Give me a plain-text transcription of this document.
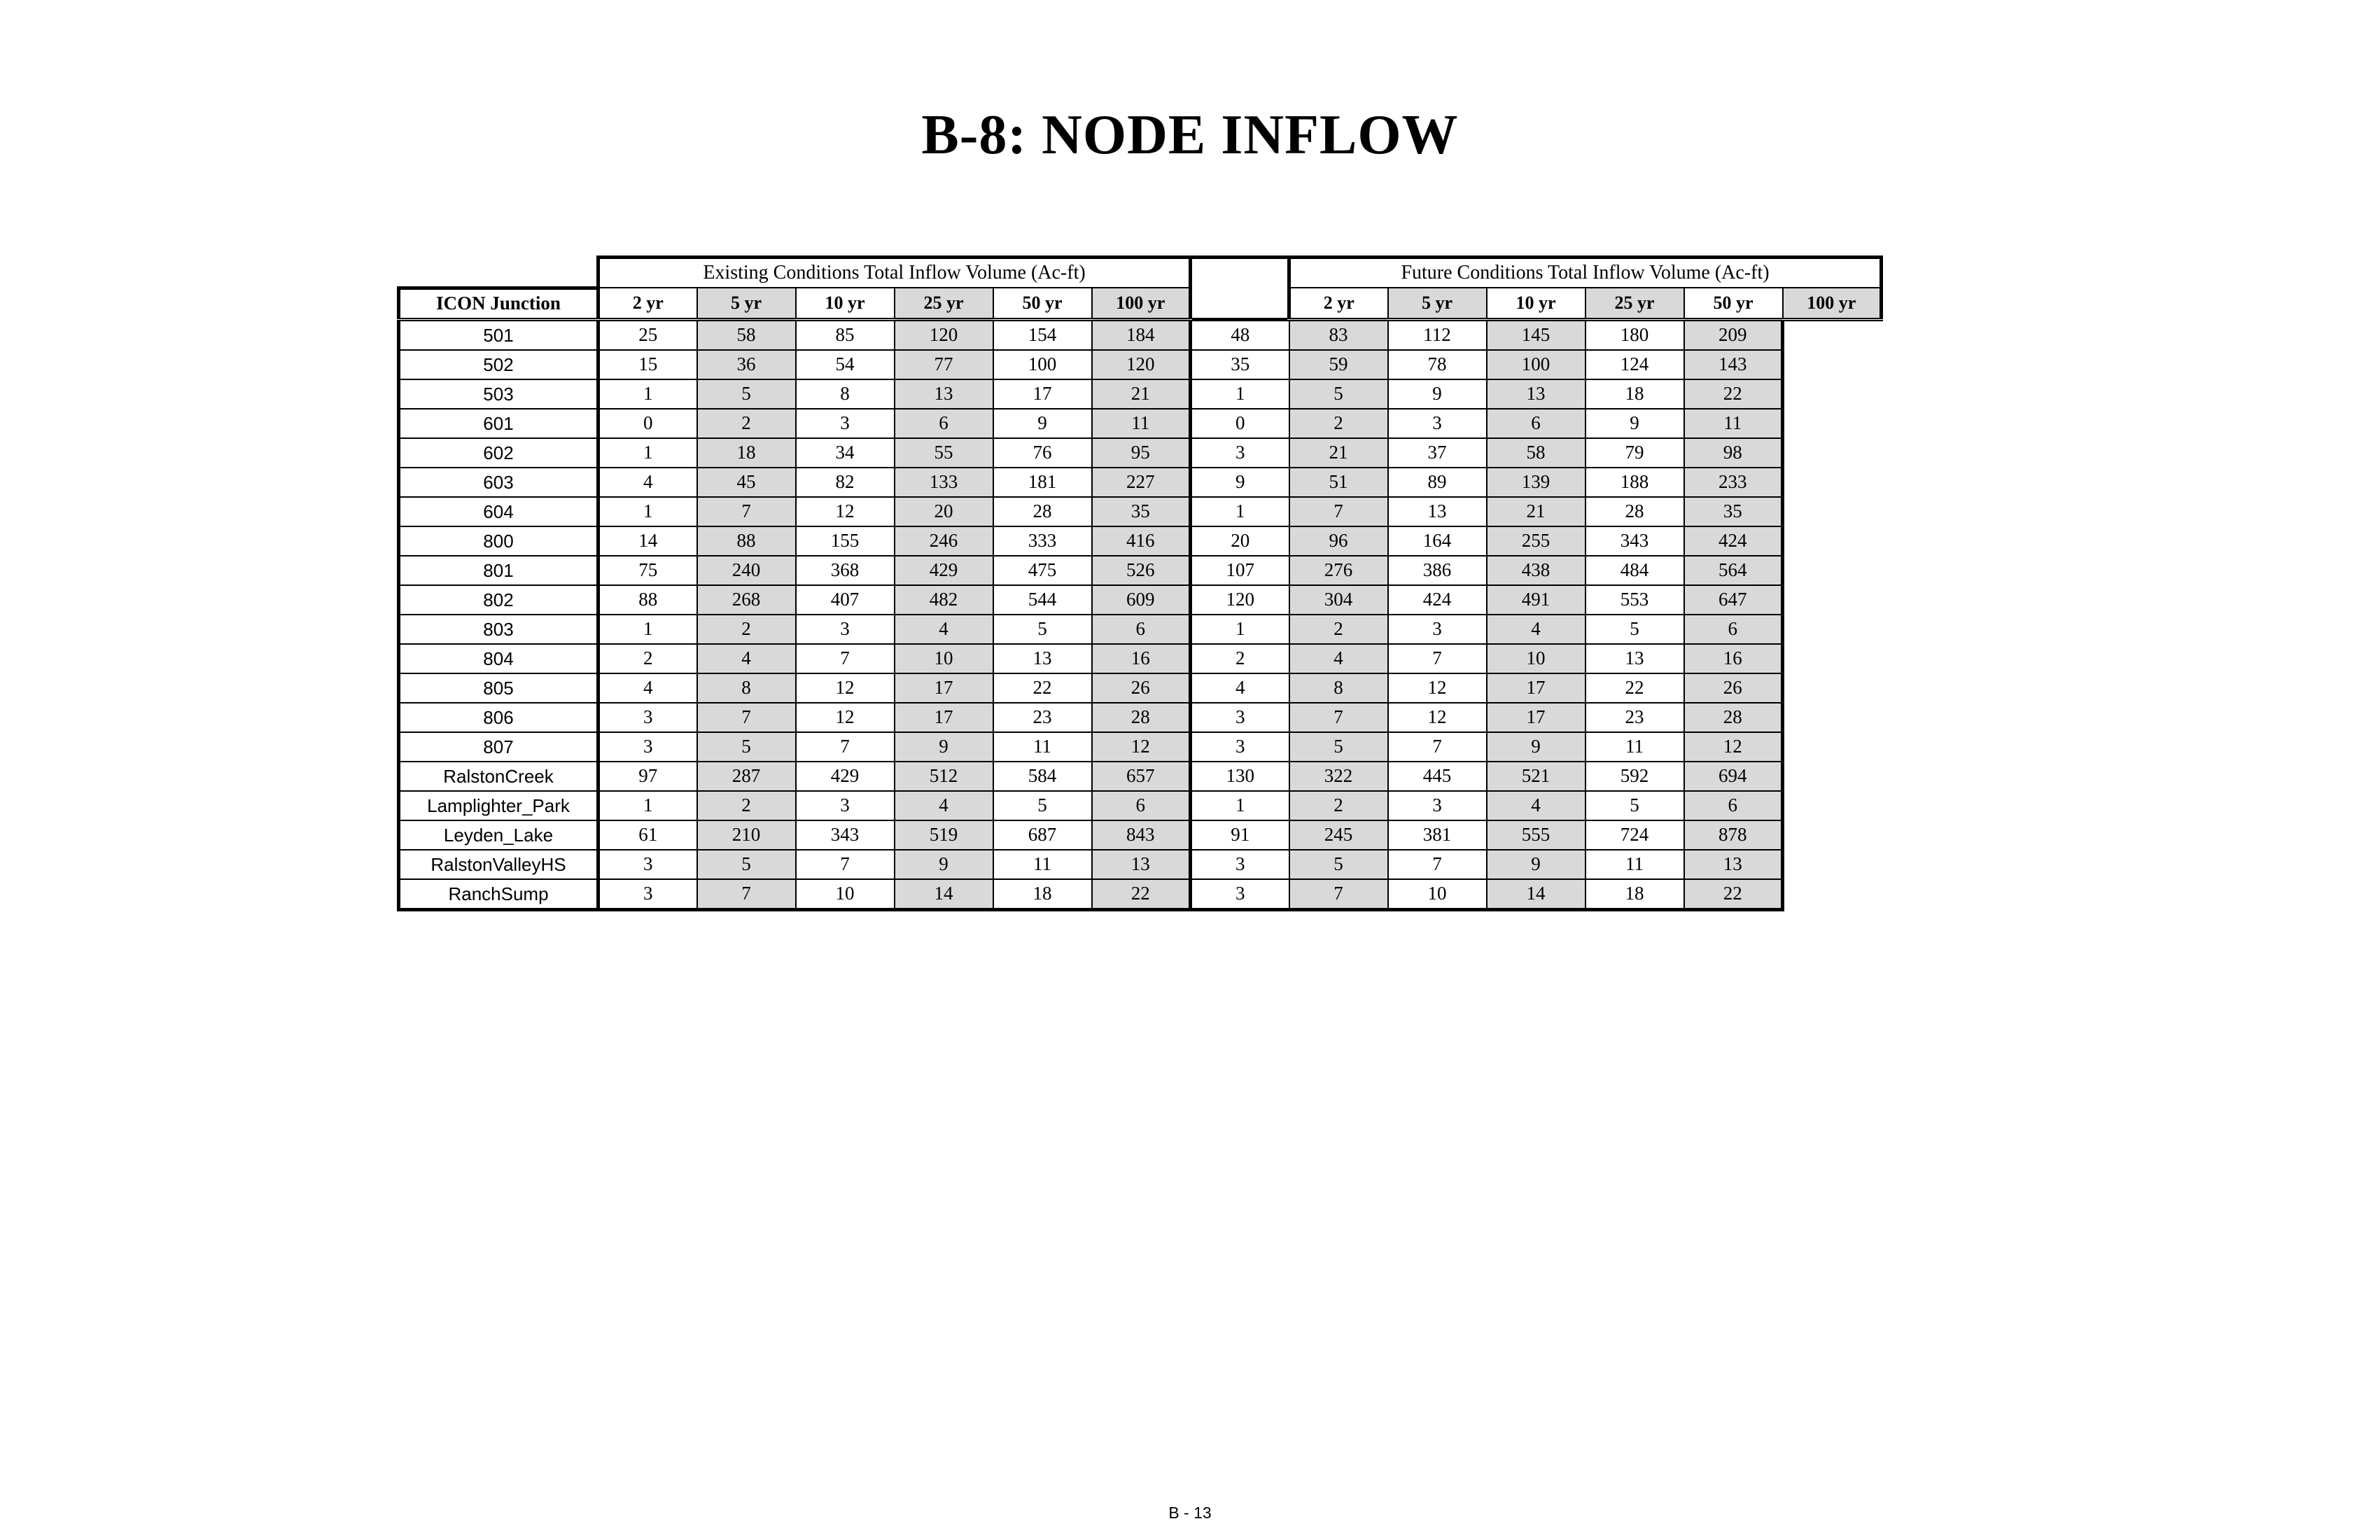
B-8: NODE INFLOW
	Existing Conditions Total Inflow Volume (Ac-ft)							Future Conditions Total Inflow Volume (Ac-ft)					
ICON Junction	2 yr	5 yr	10 yr	25 yr	50 yr	100 yr		2 yr	5 yr	10 yr	25 yr	50 yr	100 yr
501	25	58	85	120	154	184	48	83	112	145	180	209	
502	15	36	54	77	100	120	35	59	78	100	124	143	
503	1	5	8	13	17	21	1	5	9	13	18	22	
601	0	2	3	6	9	11	0	2	3	6	9	11	
602	1	18	34	55	76	95	3	21	37	58	79	98	
603	4	45	82	133	181	227	9	51	89	139	188	233	
604	1	7	12	20	28	35	1	7	13	21	28	35	
800	14	88	155	246	333	416	20	96	164	255	343	424	
801	75	240	368	429	475	526	107	276	386	438	484	564	
802	88	268	407	482	544	609	120	304	424	491	553	647	
803	1	2	3	4	5	6	1	2	3	4	5	6	
804	2	4	7	10	13	16	2	4	7	10	13	16	
805	4	8	12	17	22	26	4	8	12	17	22	26	
806	3	7	12	17	23	28	3	7	12	17	23	28	
807	3	5	7	9	11	12	3	5	7	9	11	12	
RalstonCreek	97	287	429	512	584	657	130	322	445	521	592	694	
Lamplighter_Park	1	2	3	4	5	6	1	2	3	4	5	6	
Leyden_Lake	61	210	343	519	687	843	91	245	381	555	724	878	
RalstonValleyHS	3	5	7	9	11	13	3	5	7	9	11	13	
RanchSump	3	7	10	14	18	22	3	7	10	14	18	22	
B - 13
